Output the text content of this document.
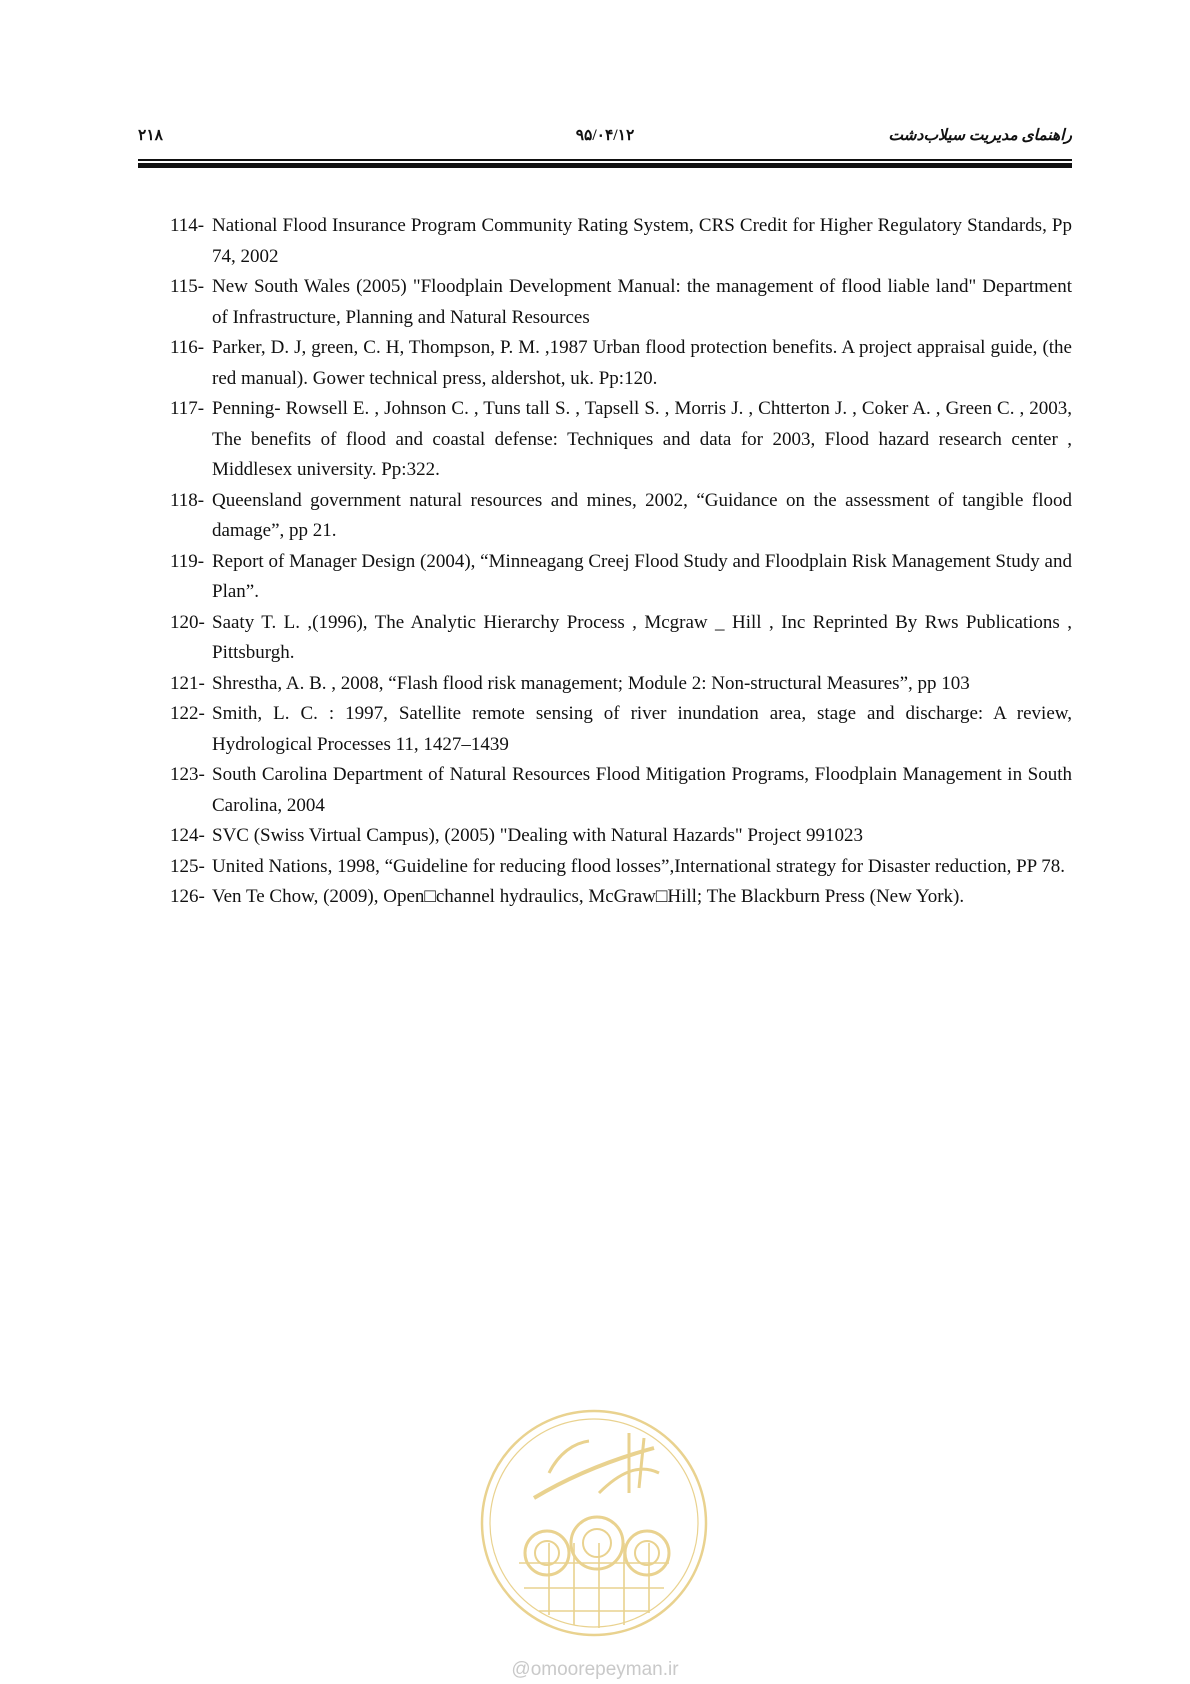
۲۱۸	۹۵/۰۴/۱۲	راهنمای مدیریت سیلاب‌دشت
114- National Flood Insurance Program Community Rating System, CRS Credit for Higher Regulatory Standards, Pp 74, 2002
115- New South Wales (2005) "Floodplain Development Manual: the management of flood liable land" Department of Infrastructure, Planning and Natural Resources
116- Parker, D. J, green, C. H, Thompson, P. M. ,1987 Urban flood protection benefits. A project appraisal guide, (the red manual). Gower technical press, aldershot, uk. Pp:120.
117- Penning- Rowsell E. , Johnson C. , Tuns tall S. , Tapsell S. , Morris J. , Chtterton J. , Coker A. , Green C. , 2003, The benefits of flood and coastal defense: Techniques and data for 2003, Flood hazard research center , Middlesex university. Pp:322.
118- Queensland government natural resources and mines, 2002, “Guidance on the assessment of tangible flood damage”, pp 21.
119- Report of Manager Design (2004), “Minneagang Creej Flood Study and Floodplain Risk Management Study and Plan”.
120- Saaty T. L. ,(1996), The Analytic Hierarchy Process , Mcgraw _ Hill , Inc Reprinted By Rws Publications , Pittsburgh.
121- Shrestha, A. B. , 2008, “Flash flood risk management; Module 2: Non-structural Measures”, pp 103
122- Smith, L. C. : 1997, Satellite remote sensing of river inundation area, stage and discharge: A review, Hydrological Processes 11, 1427–1439
123- South Carolina Department of Natural Resources Flood Mitigation Programs, Floodplain Management in South Carolina, 2004
124- SVC (Swiss Virtual Campus), (2005) "Dealing with Natural Hazards" Project 991023
125- United Nations, 1998, “Guideline for reducing flood losses”,International strategy for Disaster reduction, PP 78.
126- Ven Te Chow, (2009), Open□channel hydraulics, McGraw□Hill; The Blackburn Press (New York).
@omoorepeyman.ir
